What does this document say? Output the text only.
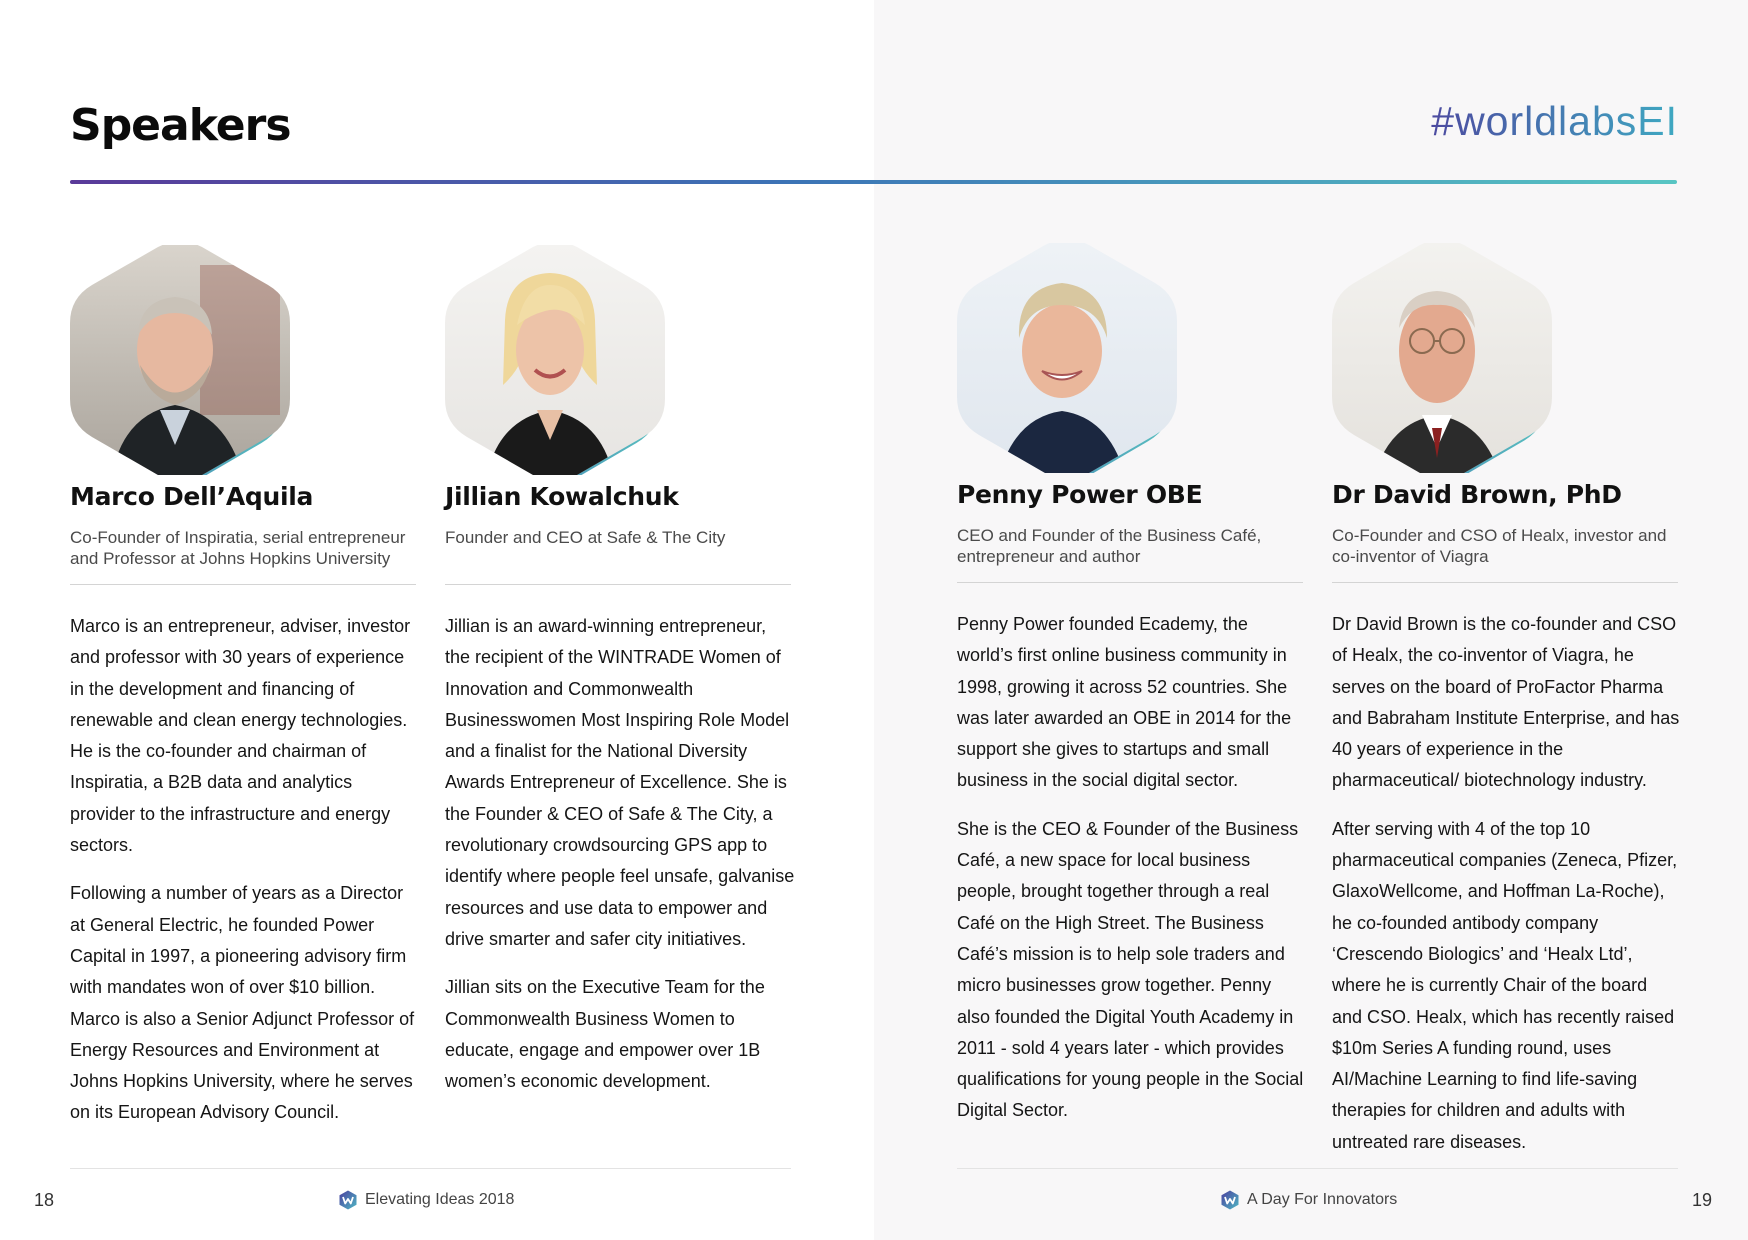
Speakers	#worldlabsEI
Marco Dell’Aquila
Co-Founder of Inspiratia, serial entrepreneur and Professor at Johns Hopkins University

Marco is an entrepreneur, adviser, investor and professor with 30 years of experience in the development and financing of renewable and clean energy technologies. He is the co-founder and chairman of Inspiratia, a B2B data and analytics provider to the infrastructure and energy sectors.

Following a number of years as a Director at General Electric, he founded Power Capital in 1997, a pioneering advisory firm with mandates won of over $10 billion. Marco is also a Senior Adjunct Professor of Energy Resources and Environment at Johns Hopkins University, where he serves on its European Advisory Council.

Jillian Kowalchuk
Founder and CEO at Safe & The City

Jillian is an award-winning entrepreneur, the recipient of the WINTRADE Women of Innovation and Commonwealth Businesswomen Most Inspiring Role Model and a finalist for the National Diversity Awards Entrepreneur of Excellence. She is the Founder & CEO of Safe & The City, a revolutionary crowdsourcing GPS app to identify where people feel unsafe, galvanise resources and use data to empower and drive smarter and safer city initiatives.

Jillian sits on the Executive Team for the Commonwealth Business Women to educate, engage and empower over 1B women’s economic development.

Penny Power OBE
CEO and Founder of the Business Café, entrepreneur and author

Penny Power founded Ecademy, the world’s first online business community in 1998, growing it across 52 countries. She was later awarded an OBE in 2014 for the support she gives to startups and small business in the social digital sector.

She is the CEO & Founder of the Business Café, a new space for local business people, brought together through a real Café on the High Street. The Business Café’s mission is to help sole traders and micro businesses grow together. Penny also founded the Digital Youth Academy in 2011 - sold 4 years later - which provides qualifications for young people in the Social Digital Sector.

Dr David Brown, PhD
Co-Founder and CSO of Healx, investor and co-inventor of Viagra

Dr David Brown is the co-founder and CSO of Healx, the co-inventor of Viagra, he serves on the board of ProFactor Pharma and Babraham Institute Enterprise, and has 40 years of experience in the pharmaceutical/ biotechnology industry.

After serving with 4 of the top 10 pharmaceutical companies (Zeneca, Pfizer, GlaxoWellcome, and Hoffman La-Roche), he co-founded antibody company ‘Crescendo Biologics’ and ‘Healx Ltd’, where he is currently Chair of the board and CSO. Healx, which has recently raised $10m Series A funding round, uses AI/Machine Learning to find life-saving therapies for children and adults with untreated rare diseases.

18	Elevating Ideas 2018	A Day For Innovators	19
